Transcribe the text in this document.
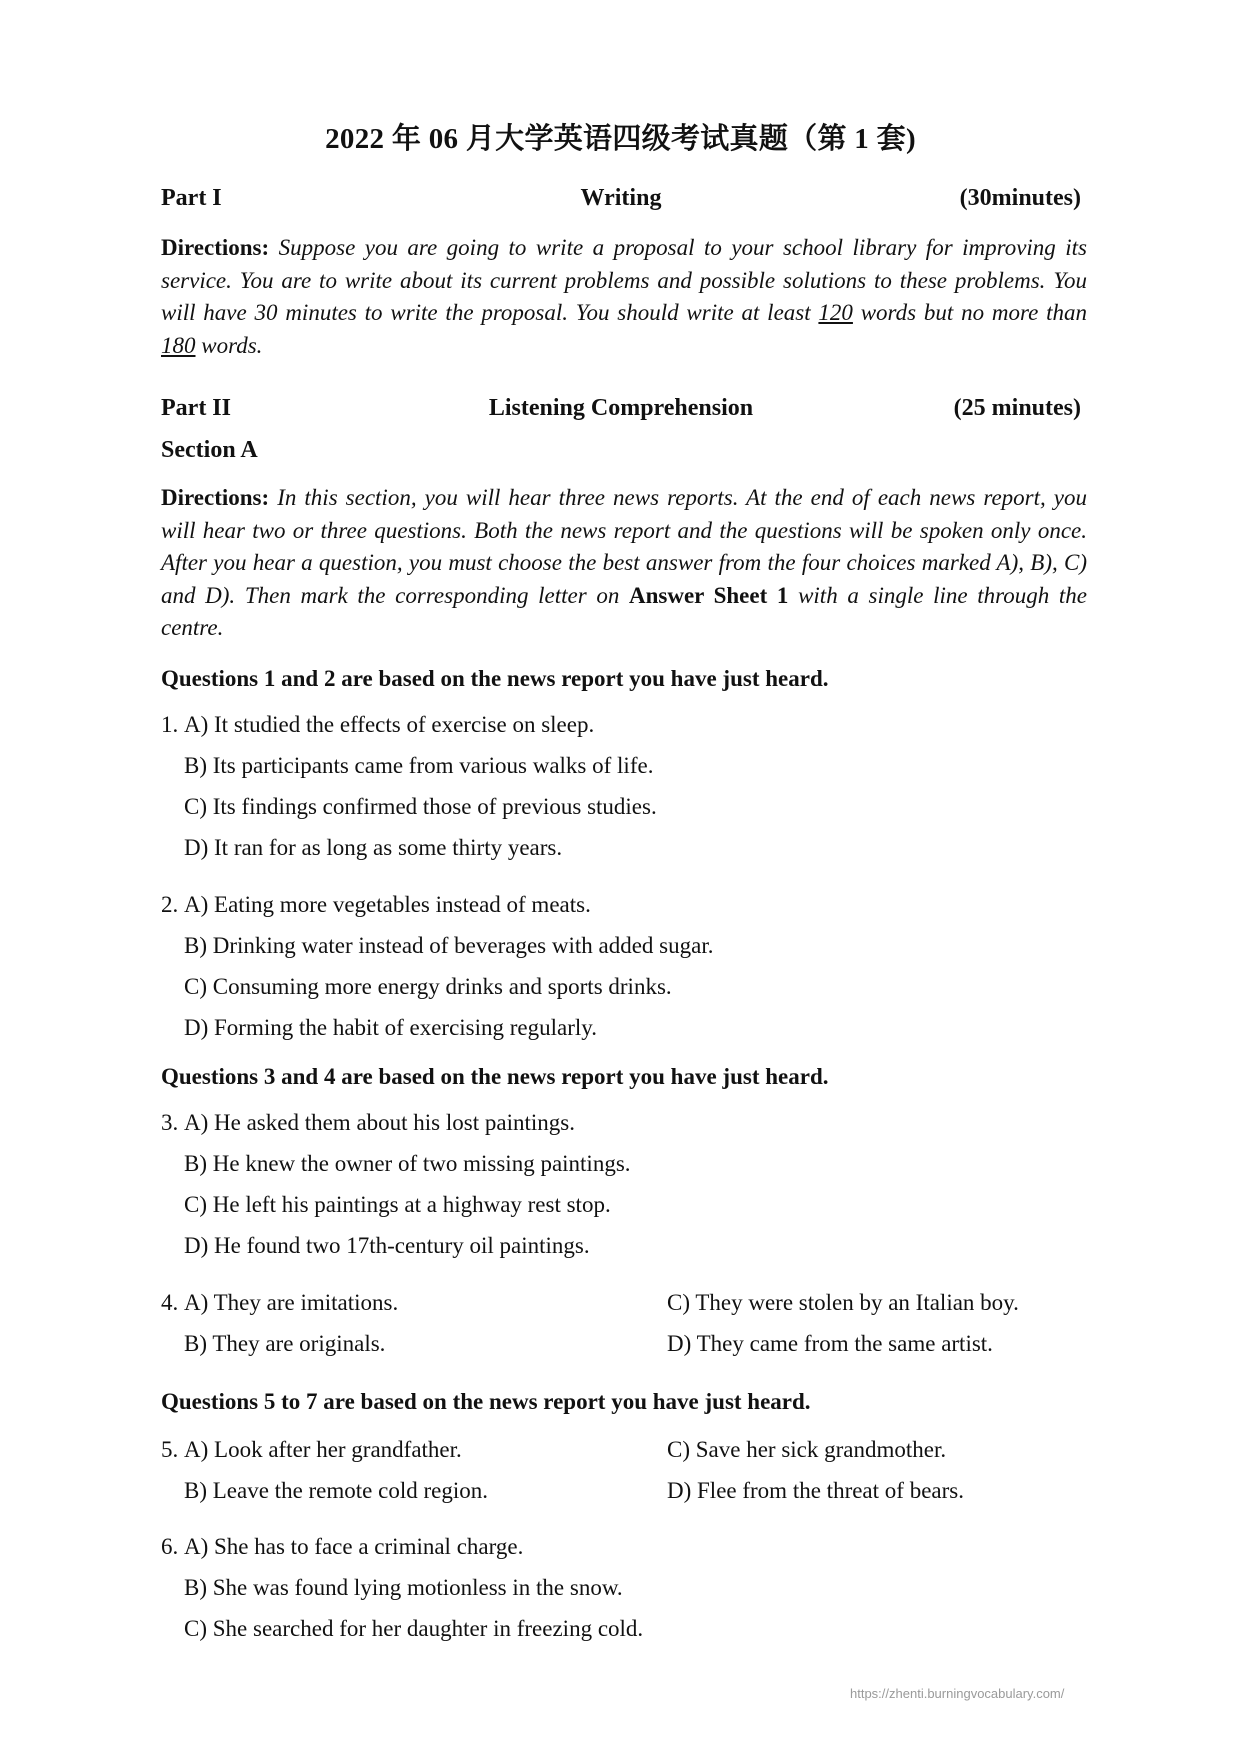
2022 年 06 月大学英语四级考试真题（第 1 套)
Part I	Writing	(30minutes)
Directions: Suppose you are going to write a proposal to your school library for improving its service. You are to write about its current problems and possible solutions to these problems. You will have 30 minutes to write the proposal. You should write at least 120 words but no more than 180 words.
Part II	Listening Comprehension	(25 minutes)
Section A
Directions: In this section, you will hear three news reports. At the end of each news report, you will hear two or three questions. Both the news report and the questions will be spoken only once. After you hear a question, you must choose the best answer from the four choices marked A), B), C) and D). Then mark the corresponding letter on Answer Sheet 1 with a single line through the centre.
Questions 1 and 2 are based on the news report you have just heard.
1. A) It studied the effects of exercise on sleep.
B) Its participants came from various walks of life.
C) Its findings confirmed those of previous studies.
D) It ran for as long as some thirty years.
2. A) Eating more vegetables instead of meats.
B) Drinking water instead of beverages with added sugar.
C) Consuming more energy drinks and sports drinks.
D) Forming the habit of exercising regularly.
Questions 3 and 4 are based on the news report you have just heard.
3. A) He asked them about his lost paintings.
B) He knew the owner of two missing paintings.
C) He left his paintings at a highway rest stop.
D) He found two 17th-century oil paintings.
4. A) They are imitations.
B) They are originals.
C) They were stolen by an Italian boy.
D) They came from the same artist.
Questions 5 to 7 are based on the news report you have just heard.
5. A) Look after her grandfather.
B) Leave the remote cold region.
C) Save her sick grandmother.
D) Flee from the threat of bears.
6. A) She has to face a criminal charge.
B) She was found lying motionless in the snow.
C) She searched for her daughter in freezing cold.
https://zhenti.burningvocabulary.com/
